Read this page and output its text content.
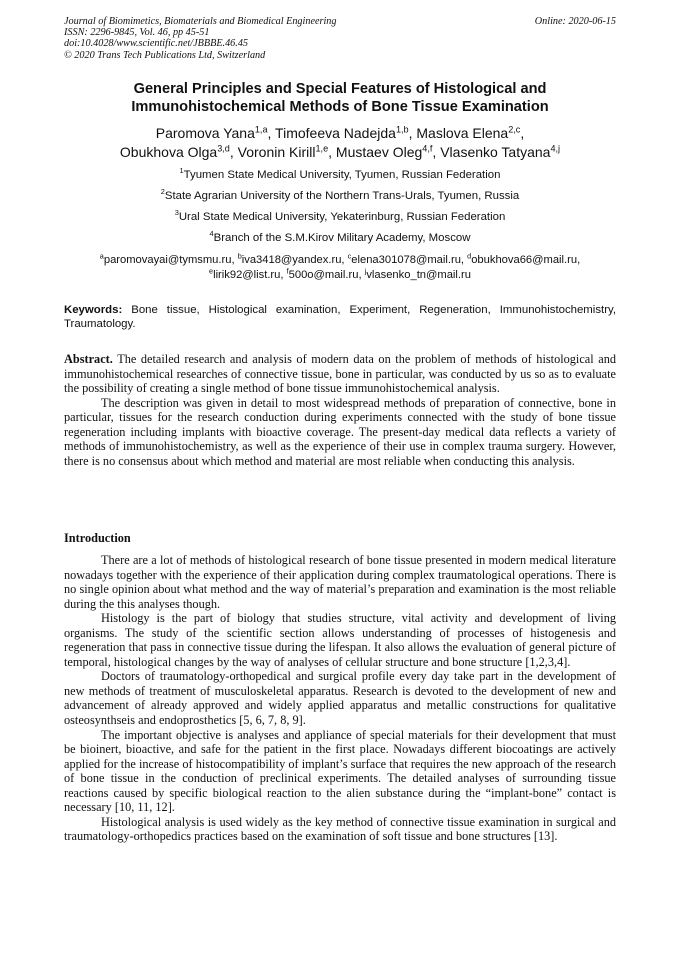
Journal of Biomimetics, Biomaterials and Biomedical Engineering	Online: 2020-06-15
ISSN: 2296-9845, Vol. 46, pp 45-51
doi:10.4028/www.scientific.net/JBBBE.46.45
© 2020 Trans Tech Publications Ltd, Switzerland
General Principles and Special Features of Histological and
Immunohistochemical Methods of Bone Tissue Examination
Paromova Yana$^{1,a}$, Timofeeva Nadejda$^{1,b}$, Maslova Elena$^{2,c}$,
Obukhova Olga$^{3,d}$, Voronin Kirill$^{1,e}$, Mustaev Oleg$^{4,f}$, Vlasenko Tatyana$^{4,j}$
$^1$Tyumen State Medical University, Tyumen, Russian Federation
$^2$State Agrarian University of the Northern Trans-Urals, Tyumen, Russia
$^3$Ural State Medical University, Yekaterinburg, Russian Federation
$^4$Branch of the S.M.Kirov Military Academy, Moscow
$^a$paromovayai@tymsmu.ru, $^b$iva3418@yandex.ru, $^c$elena301078@mail.ru, $^d$obukhova66@mail.ru,
$^e$lirik92@list.ru, $^f$500o@mail.ru, $^j$vlasenko_tn@mail.ru
Keywords: Bone tissue, Histological examination, Experiment, Regeneration, Immunohistochemistry, Traumatology.

Abstract. The detailed research and analysis of modern data on the problem of methods of histological and immunohistochemical researches of connective tissue, bone in particular, was conducted by us so as to evaluate the possibility of creating a single method of bone tissue immunohistochemical analysis.

The description was given in detail to most widespread methods of preparation of connective, bone in particular, tissues for the research conduction during experiments connected with the study of bone tissue regeneration including implants with bioactive coverage. The present-day medical data reflects a variety of methods of immunohistochemistry, as well as the experience of their use in complex trauma surgery. However, there is no consensus about which method and material are most reliable when conducting this analysis.

Introduction

There are a lot of methods of histological research of bone tissue presented in modern medical literature nowadays together with the experience of their application during complex traumatological operations. There is no single opinion about what method and the way of material’s preparation and examination is the most reliable during the this analyses though.

Histology is the part of biology that studies structure, vital activity and development of living organisms. The study of the scientific section allows understanding of processes of histogenesis and regeneration that pass in connective tissue during the lifespan. It also allows the evaluation of general picture of temporal, histological changes by the way of analyses of cellular structure and bone structure [1,2,3,4].

Doctors of traumatology-orthopedical and surgical profile every day take part in the development of new methods of treatment of musculoskeletal apparatus. Research is devoted to the development of new and advancement of already approved and widely applied apparatus and metallic constructions for qualitative osteosynthseis and endoprosthetics [5, 6, 7, 8, 9].

The important objective is analyses and appliance of special materials for their development that must be bioinert, bioactive, and safe for the patient in the first place. Nowadays different biocoatings are actively applied for the increase of histocompatibility of implant’s surface that requires the new approach of the research of bone tissue in the conduction of preclinical experiments. The detailed analyses of surrounding tissue reactions caused by specific biological reaction to the alien substance during the “implant-bone” contact is necessary [10, 11, 12].

Histological analysis is used widely as the key method of connective tissue examination in surgical and traumatology-orthopedics practices based on the examination of soft tissue and bone structures [13].
